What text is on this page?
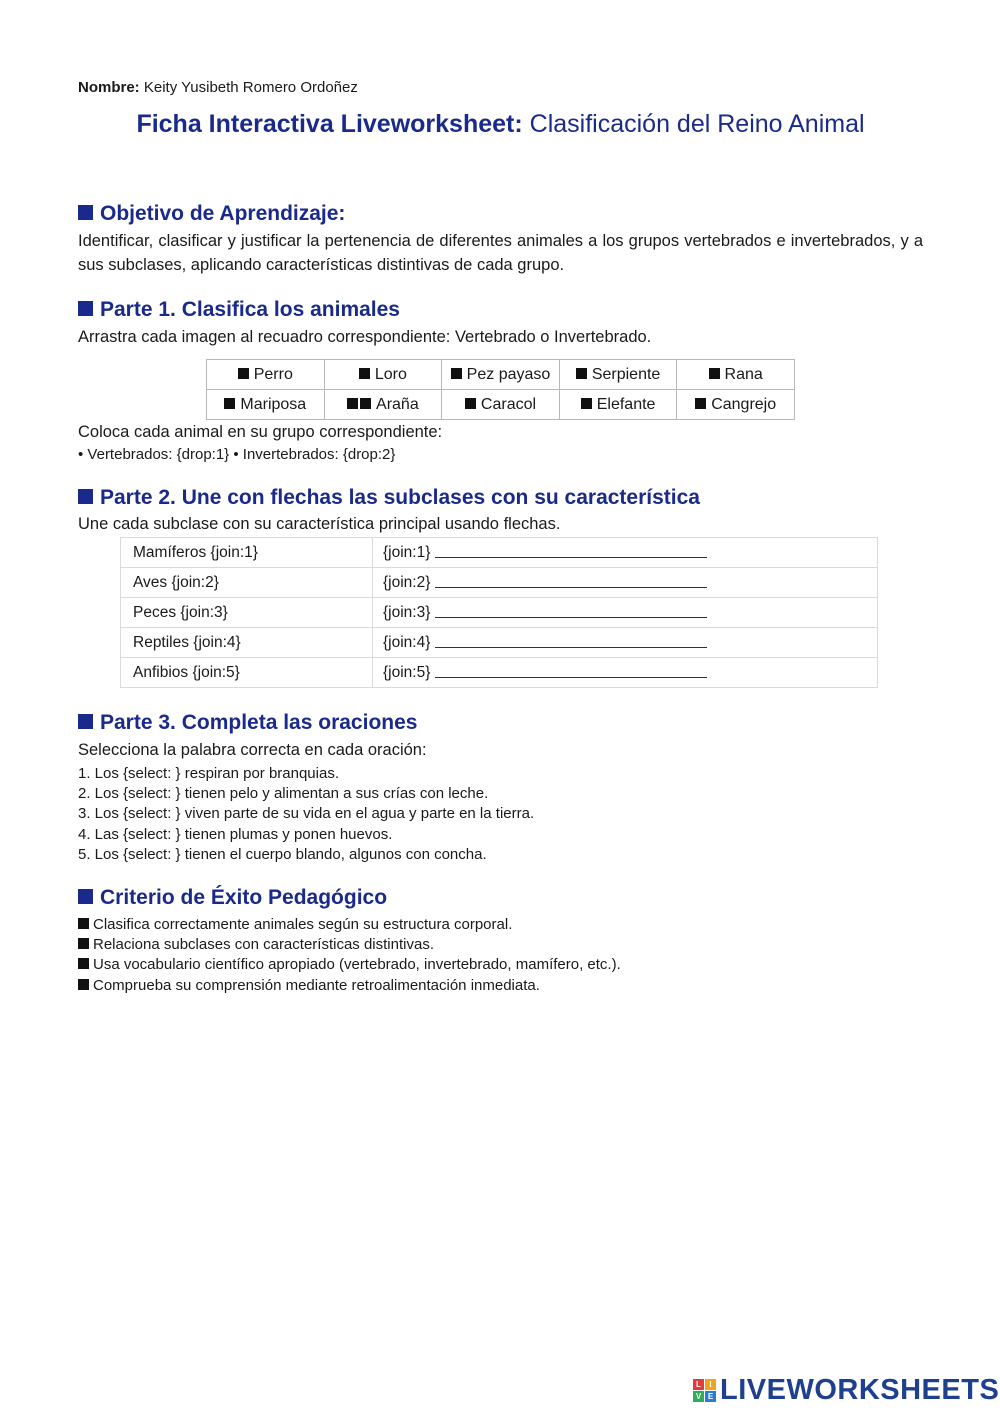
Nombre: Keity Yusibeth Romero Ordoñez
Ficha Interactiva Liveworksheet: Clasificación del Reino Animal
Objetivo de Aprendizaje:
Identificar, clasificar y justificar la pertenencia de diferentes animales a los grupos vertebrados e invertebrados, y a sus subclases, aplicando características distintivas de cada grupo.
Parte 1. Clasifica los animales
Arrastra cada imagen al recuadro correspondiente: Vertebrado o Invertebrado.
Perro	Loro	Pez payaso	Serpiente	Rana
Mariposa	Araña	Caracol	Elefante	Cangrejo
Coloca cada animal en su grupo correspondiente:
• Vertebrados: {drop:1} • Invertebrados: {drop:2}
Parte 2. Une con flechas las subclases con su característica
Une cada subclase con su característica principal usando flechas.
Mamíferos {join:1}	{join:1}
Aves {join:2}	{join:2}
Peces {join:3}	{join:3}
Reptiles {join:4}	{join:4}
Anfibios {join:5}	{join:5}
Parte 3. Completa las oraciones
Selecciona la palabra correcta en cada oración:
1. Los {select: } respiran por branquias.
2. Los {select: } tienen pelo y alimentan a sus crías con leche.
3. Los {select: } viven parte de su vida en el agua y parte en la tierra.
4. Las {select: } tienen plumas y ponen huevos.
5. Los {select: } tienen el cuerpo blando, algunos con concha.
Criterio de Éxito Pedagógico
Clasifica correctamente animales según su estructura corporal.
Relaciona subclases con características distintivas.
Usa vocabulario científico apropiado (vertebrado, invertebrado, mamífero, etc.).
Comprueba su comprensión mediante retroalimentación inmediata.
L	I
V E LIVEWORKSHEETS
